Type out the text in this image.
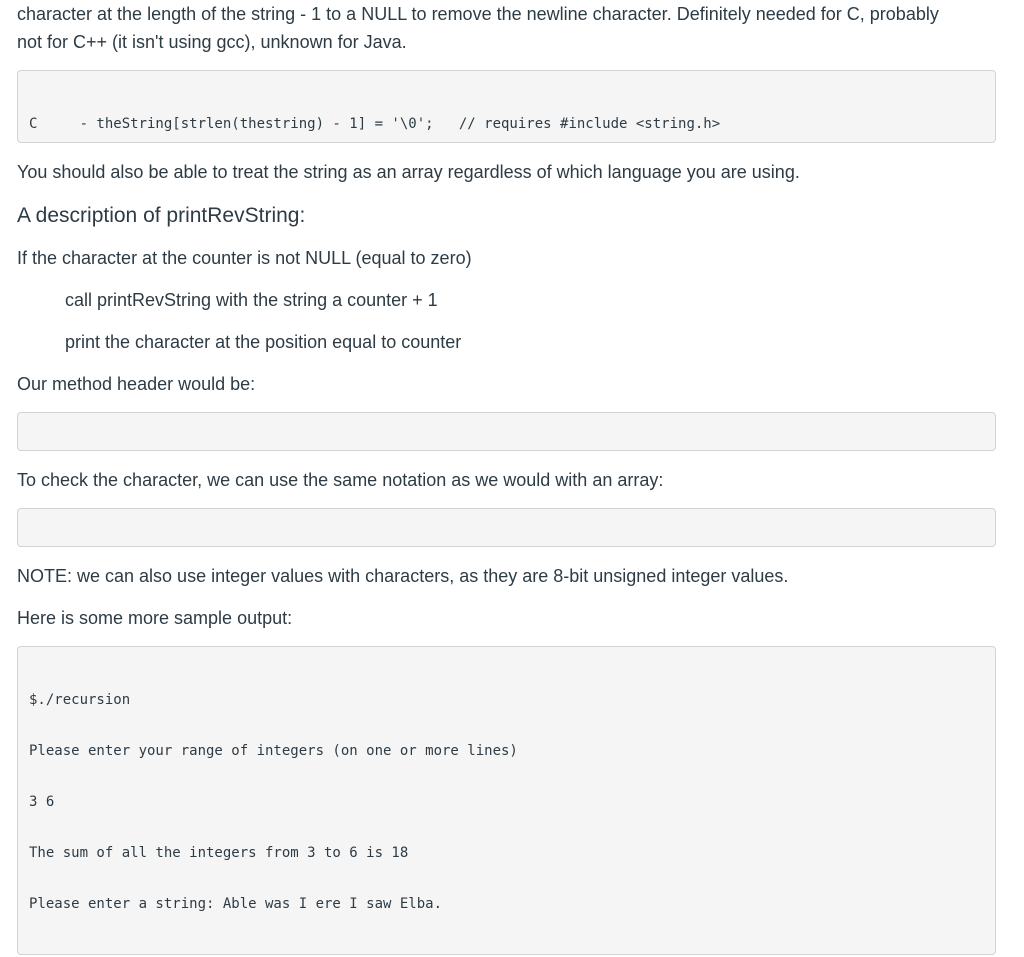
character at the length of the string - 1 to a NULL to remove the newline character. Definitely needed for C, probably
not for C++ (it isn't using gcc), unknown for Java.

C     - theString[strlen(thestring) - 1] = '\0';   // requires #include <string.h>

You should also be able to treat the string as an array regardless of which language you are using.

A description of printRevString:

If the character at the counter is not NULL (equal to zero)

call printRevString with the string a counter + 1

print the character at the position equal to counter

Our method header would be:

To check the character, we can use the same notation as we would with an array:

NOTE: we can also use integer values with characters, as they are 8-bit unsigned integer values.

Here is some more sample output:

$./recursion

Please enter your range of integers (on one or more lines)

3 6

The sum of all the integers from 3 to 6 is 18

Please enter a string: Able was I ere I saw Elba.
